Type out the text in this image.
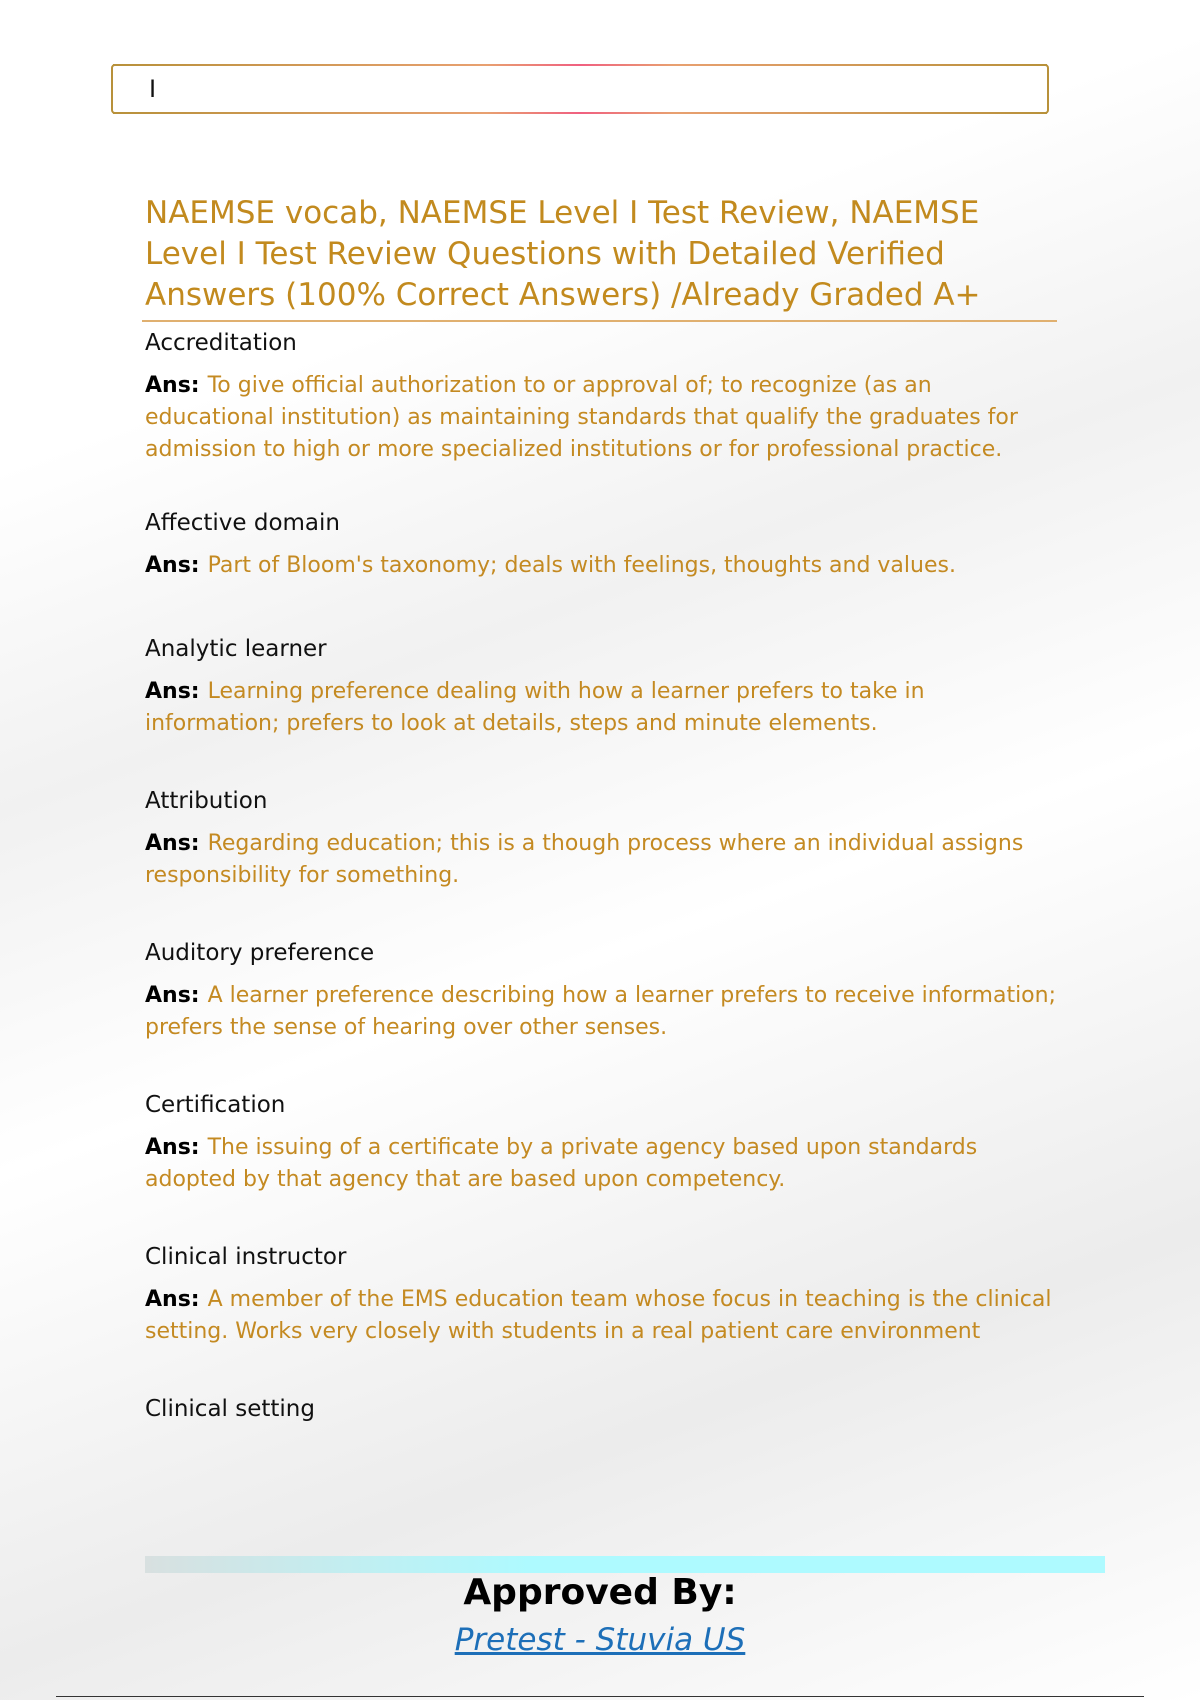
I
NAEMSE vocab, NAEMSE Level I Test Review, NAEMSE Level I Test Review Questions with Detailed Verified Answers (100% Correct Answers) /Already Graded A+

Accreditation

Ans: To give official authorization to or approval of; to recognize (as an educational institution) as maintaining standards that qualify the graduates for admission to high or more specialized institutions or for professional practice.

Affective domain

Ans: Part of Bloom's taxonomy; deals with feelings, thoughts and values.

Analytic learner

Ans: Learning preference dealing with how a learner prefers to take in information; prefers to look at details, steps and minute elements.

Attribution

Ans: Regarding education; this is a though process where an individual assigns responsibility for something.

Auditory preference

Ans: A learner preference describing how a learner prefers to receive information; prefers the sense of hearing over other senses.

Certification

Ans: The issuing of a certificate by a private agency based upon standards adopted by that agency that are based upon competency.

Clinical instructor

Ans: A member of the EMS education team whose focus in teaching is the clinical setting. Works very closely with students in a real patient care environment

Clinical setting

Approved By:
Pretest - Stuvia US
